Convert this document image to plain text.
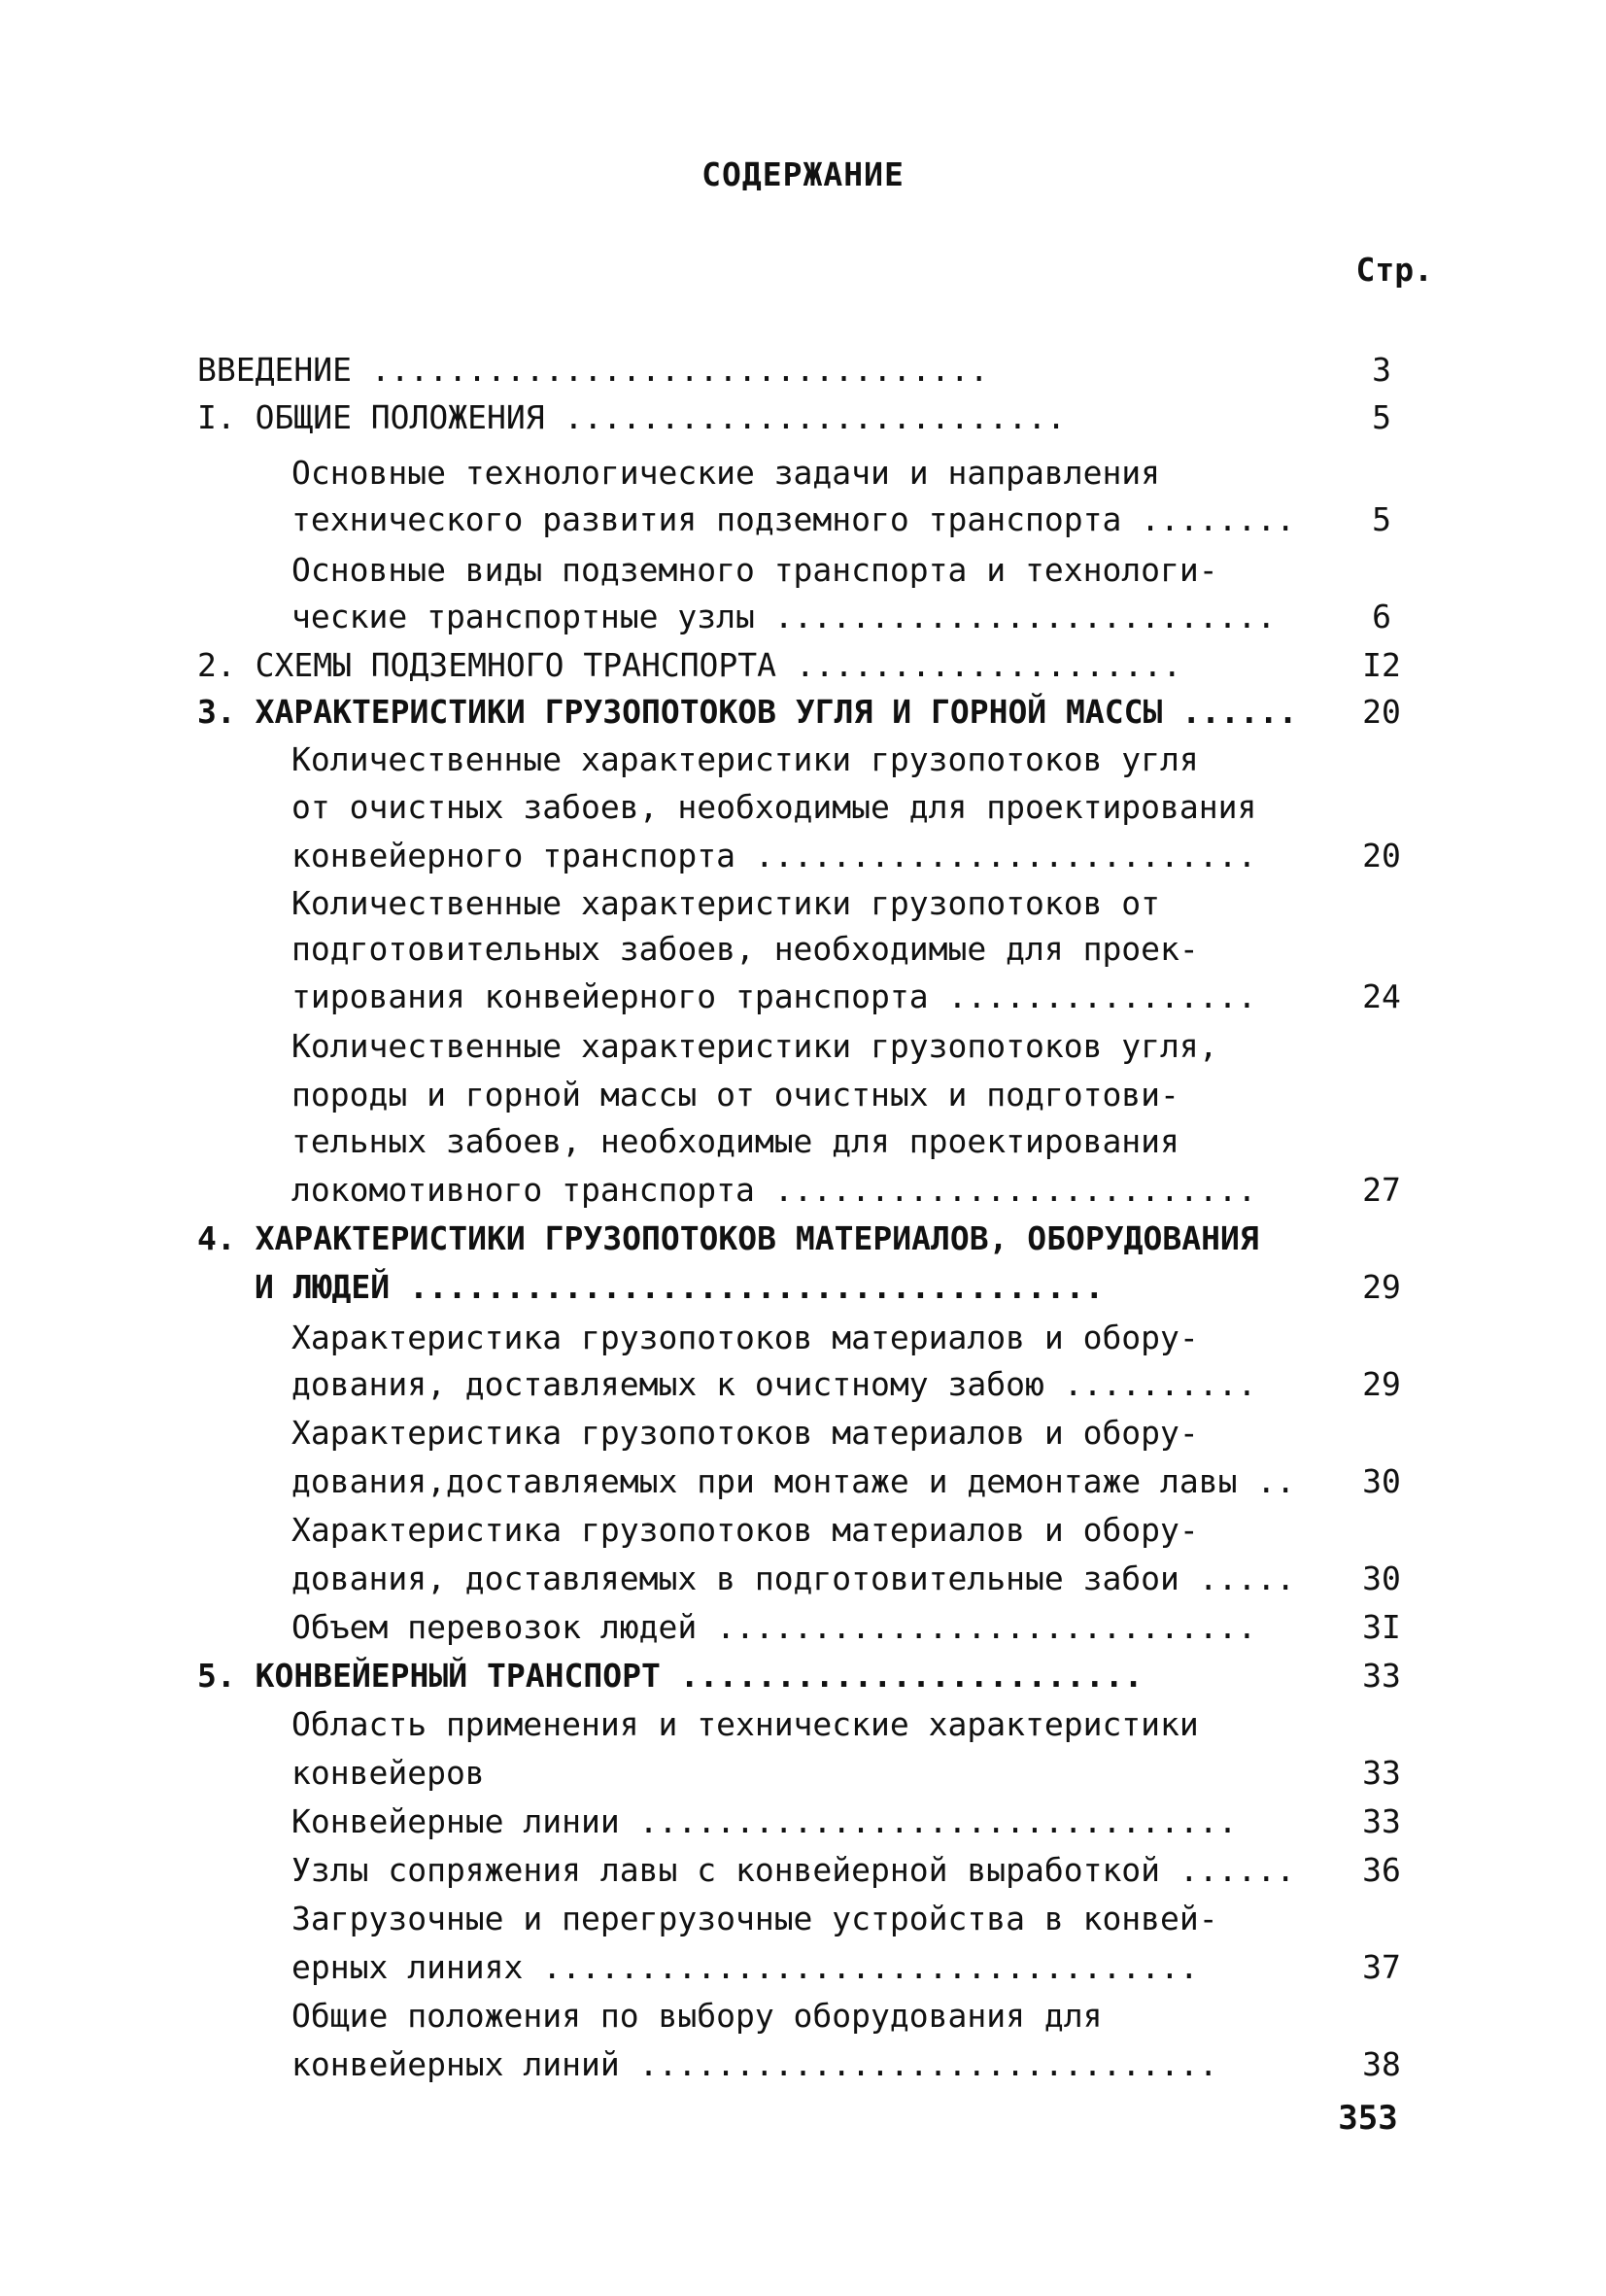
СОДЕРЖАНИЕ
Стр.
ВВЕДЕНИЕ ................................	3
I. ОБЩИЕ ПОЛОЖЕНИЯ ..........................	5
Основные технологические задачи и направления
технического развития подземного транспорта ........	5
Основные виды подземного транспорта и технологи-
ческие транспортные узлы ..........................	6
2. СХЕМЫ ПОДЗЕМНОГО ТРАНСПОРТА ....................	I2
3. ХАРАКТЕРИСТИКИ ГРУЗОПОТОКОВ УГЛЯ И ГОРНОЙ МАССЫ ......	20
Количественные характеристики грузопотоков угля
от очистных забоев, необходимые для проектирования
конвейерного транспорта ..........................	20
Количественные характеристики грузопотоков от
подготовительных забоев, необходимые для проек-
тирования конвейерного транспорта ................	24
Количественные характеристики грузопотоков угля,
породы и горной массы от очистных и подготови-
тельных забоев, необходимые для проектирования
локомотивного транспорта .........................	27
4. ХАРАКТЕРИСТИКИ ГРУЗОПОТОКОВ МАТЕРИАЛОВ, ОБОРУДОВАНИЯ
И ЛЮДЕЙ ....................................	29
Характеристика грузопотоков материалов и обору-
дования, доставляемых к очистному забою ..........	29
Характеристика грузопотоков материалов и обору-
дования,доставляемых при монтаже и демонтаже лавы ..	30
Характеристика грузопотоков материалов и обору-
дования, доставляемых в подготовительные забои .....	30
Объем перевозок людей ............................	3I
5. КОНВЕЙЕРНЫЙ ТРАНСПОРТ ........................	33
Область применения и технические характеристики
конвейеров	33
Конвейерные линии ...............................	33
Узлы сопряжения лавы с конвейерной выработкой ......	36
Загрузочные и перегрузочные устройства в конвей-
ерных линиях ..................................	37
Общие положения по выбору оборудования для
конвейерных линий ..............................	38
353
